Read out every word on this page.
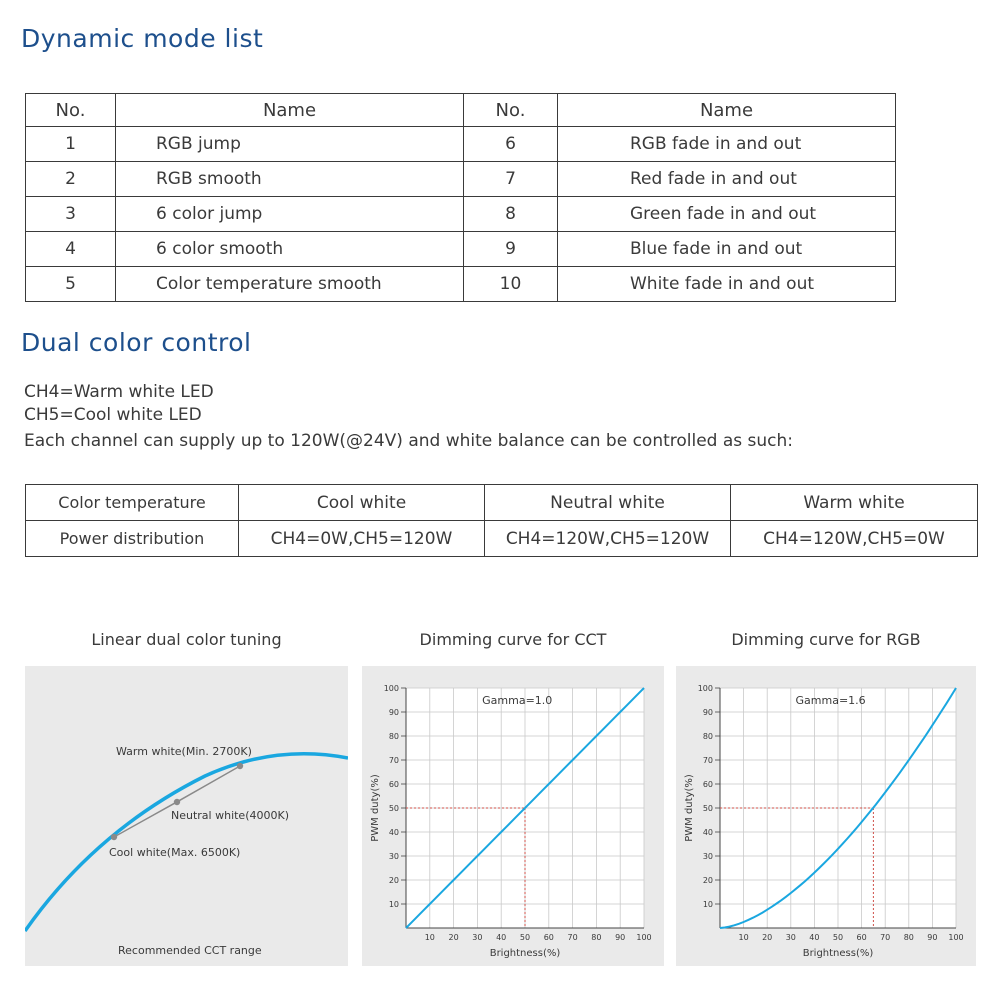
Dynamic mode list
No.	Name	No.	Name
1	RGB jump	6	RGB fade in and out
2	RGB smooth	7	Red fade in and out
3	6 color jump	8	Green fade in and out
4	6 color smooth	9	Blue fade in and out
5	Color temperature smooth	10	White fade in and out
Dual color control
CH4=Warm white LED
CH5=Cool white LED
Each channel can supply up to 120W(@24V) and white balance can be controlled as such:
Color temperature	Cool white	Neutral white	Warm white
Power distribution	CH4=0W,CH5=120W	CH4=120W,CH5=120W	CH4=120W,CH5=0W
Linear dual color tuning	Dimming curve for CCT	Dimming curve for RGB
Warm white(Min. 2700K)
Neutral white(4000K)
Cool white(Max. 6500K)
Recommended CCT range
10
20
30
40
50
60
70
80
90
100
10 20 30 40 50 60 70 80 90 100
Brightness(%)
PWM duty(%)
Gamma=1.0
10
20
30
40
50
60
70
80
90
100
10 20 30 40 50 60 70 80 90 100
Brightness(%)
PWM duty(%)
Gamma=1.6
